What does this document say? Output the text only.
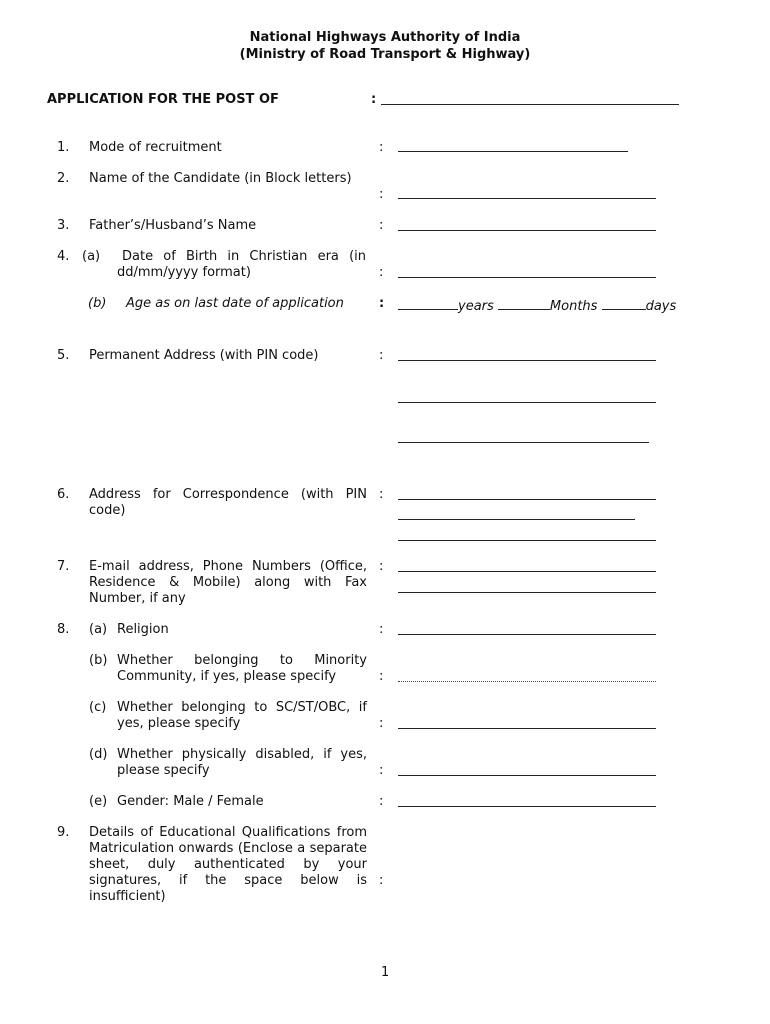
National Highways Authority of India
(Ministry of Road Transport & Highway)
APPLICATION FOR THE POST OF	:
1. Mode of recruitment	:
2. Name of the Candidate (in Block letters)
:
3. Father’s/Husband’s Name	:
4. (a) Date of Birth in Christian era (in
dd/mm/yyyy format)	:
(b) Age as on last date of application	:	years	Months	days
5. Permanent Address (with PIN code)	:
6. Address for Correspondence (with PIN code)
:
7. E-mail address, Phone Numbers (Office, Residence & Mobile) along with Fax Number, if any
:
8. (a) Religion	:
(b) Whether belonging to Minority Community, if yes, please specify	:
(c) Whether belonging to SC/ST/OBC, if yes, please specify	:
(d) Whether physically disabled, if yes, please specify	:
(e) Gender: Male / Female	:
9. Details of Educational Qualifications from Matriculation onwards (Enclose a separate sheet, duly authenticated by your signatures, if the space below is insufficient)
:
1
